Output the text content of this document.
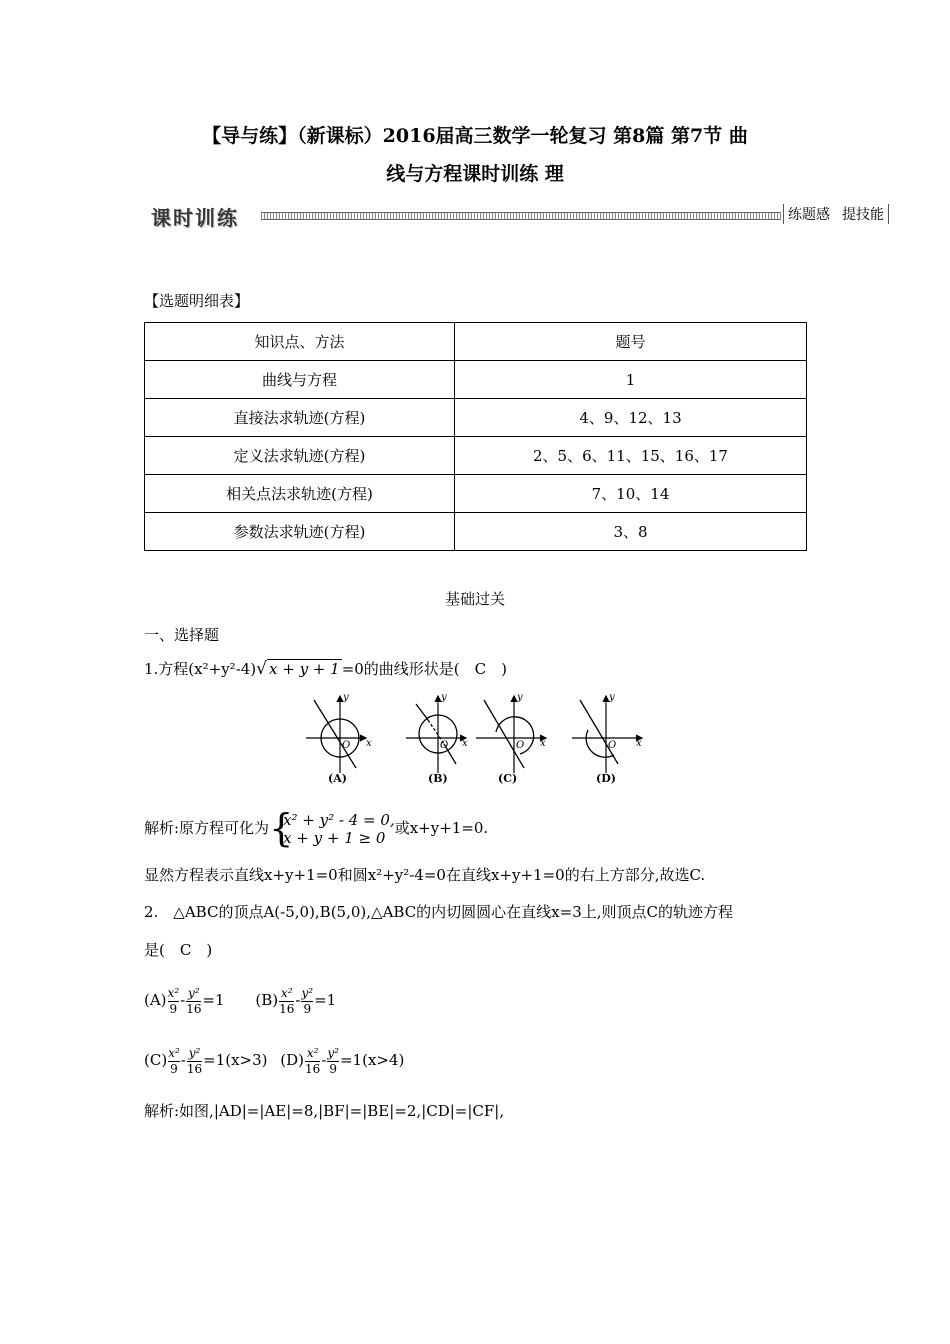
【导与练】（新课标）2016届高三数学一轮复习 第8篇 第7节 曲
线与方程课时训练 理
课时训练	练题感 提技能
【选题明细表】
知识点、方法	题号
曲线与方程	1
直接法求轨迹(方程)	4、9、12、13
定义法求轨迹(方程)	2、5、6、11、15、16、17
相关点法求轨迹(方程)	7、10、14
参数法求轨迹(方程)	3、8
基础过关
一、选择题
1.方程(x²+y²-4)√ x + y + 1 =0的曲线形状是(　C　)
y
x
O
(A)
y
x
O
(B)
y
x
O
(C)
y
x
O
(D)
解析:原方程可化为 {
x² + y² - 4 = 0,
x + y + 1 ≥ 0
或x+y+1=0.
显然方程表示直线x+y+1=0和圆x²+y²-4=0在直线x+y+1=0的右上方部分,故选C.
2.　△ABC的顶点A(-5,0),B(5,0),△ABC的内切圆圆心在直线x=3上,则顶点C的轨迹方程
是(　C　)
$(A) \frac{\text{x²}}{9} - \frac{\text{y²}}{16} =1$ $(B) \frac{\text{x²}}{16} - \frac{\text{y²}}{9} =1$
$(C) \frac{\text{x²}}{9} - \frac{\text{y²}}{16} =1(x>3)$ $(D) \frac{\text{x²}}{16} - \frac{\text{y²}}{9} =1(x>4)$
解析:如图,|AD|=|AE|=8,|BF|=|BE|=2,|CD|=|CF|,
